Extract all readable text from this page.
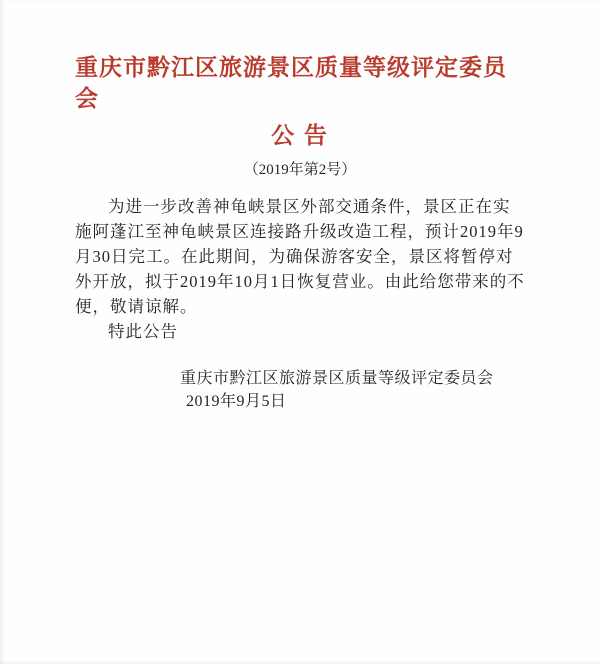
重庆市黔江区旅游景区质量等级评定委员
会
公 告
（2019年第2号）

为进一步改善神龟峡景区外部交通条件，景区正在实

施阿蓬江至神龟峡景区连接路升级改造工程，预计2019年9

月30日完工。在此期间，为确保游客安全，景区将暂停对

外开放，拟于2019年10月1日恢复营业。由此给您带来的不

便，敬请谅解。

特此公告

重庆市黔江区旅游景区质量等级评定委员会
2019年9月5日
